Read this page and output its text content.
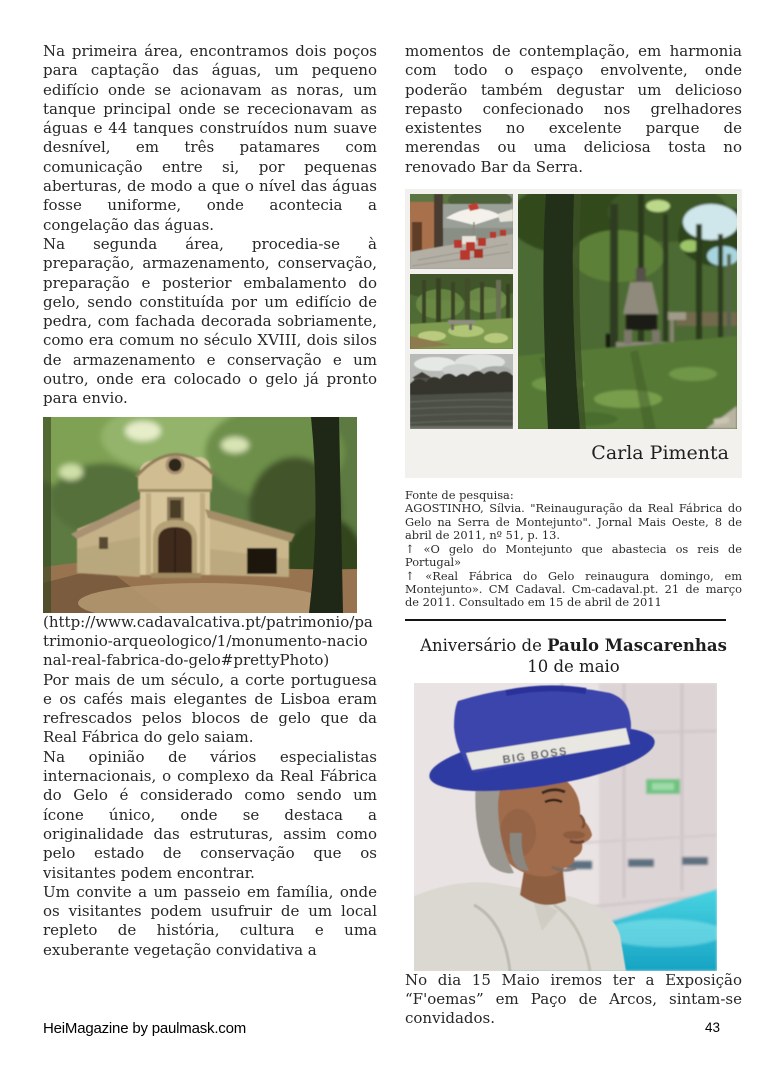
Na primeira área, encontramos dois poços para captação das águas, um pequeno edifício onde se acionavam as noras, um tanque principal onde se rececionavam as águas e 44 tanques construídos num suave desnível, em três patamares com comunicação entre si, por pequenas aberturas, de modo a que o nível das águas fosse uniforme, onde acontecia a congelação das águas.

Na segunda área, procedia-se à preparação, armazenamento, conservação, preparação e posterior embalamento do gelo, sendo constituída por um edifício de pedra, com fachada decorada sobriamente, como era comum no século XVIII, dois silos de armazenamento e conservação e um outro, onde era colocado o gelo já pronto para envio.

(http://www.cadavalcativa.pt/patrimonio/patrimonio-arqueologico/1/monumento-nacional-real-fabrica-do-gelo#prettyPhoto)

Por mais de um século, a corte portuguesa e os cafés mais elegantes de Lisboa eram refrescados pelos blocos de gelo que da Real Fábrica do gelo saiam.

Na opinião de vários especialistas internacionais, o complexo da Real Fábrica do Gelo é considerado como sendo um ícone único, onde se destaca a originalidade das estruturas, assim como pelo estado de conservação que os visitantes podem encontrar.

Um convite a um passeio em família, onde os visitantes podem usufruir de um local repleto de história, cultura e uma exuberante vegetação convidativa a

momentos de contemplação, em harmonia com todo o espaço envolvente, onde poderão também degustar um delicioso repasto confecionado nos grelhadores existentes no excelente parque de merendas ou uma deliciosa tosta no renovado Bar da Serra.

Carla Pimenta
Fonte de pesquisa:
AGOSTINHO, Sílvia. "Reinauguração da Real Fábrica do Gelo na Serra de Montejunto". Jornal Mais Oeste, 8 de abril de 2011, nº 51, p. 13.
↑ «O gelo do Montejunto que abastecia os reis de Portugal»
↑ «Real Fábrica do Gelo reinaugura domingo, em Montejunto». CM Cadaval. Cm-cadaval.pt. 21 de março de 2011. Consultado em 15 de abril de 2011
Aniversário de Paulo Mascarenhas
10 de maio
BIG BOSS

No dia 15 Maio iremos ter a Exposição “F'oemas” em Paço de Arcos, sintam-se convidados.

HeiMagazine by paulmask.com	43
